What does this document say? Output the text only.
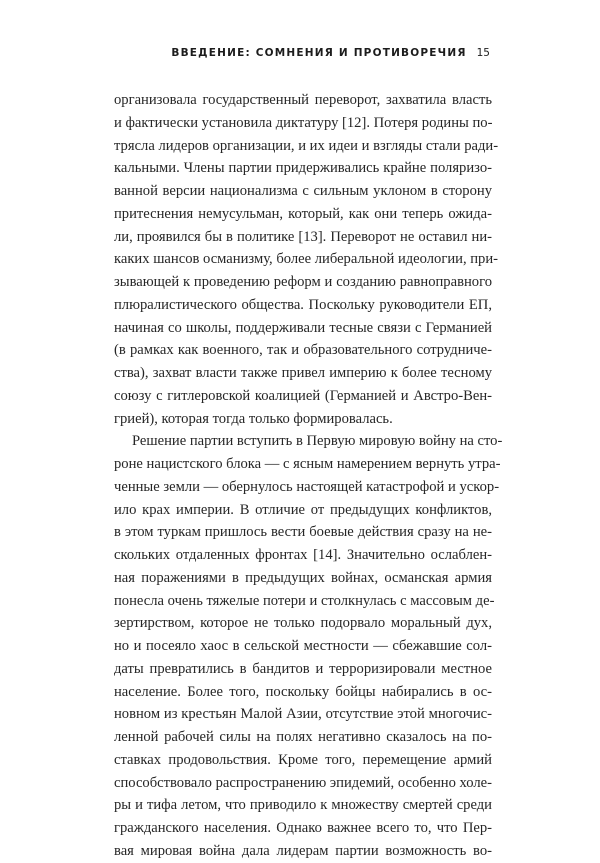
ВВЕДЕНИЕ: СОМНЕНИЯ И ПРОТИВОРЕЧИЯ 15
организовала государственный переворот, захватила власть
и фактически установила диктатуру [12]. Потеря родины по-
трясла лидеров организации, и их идеи и взгляды стали ради-
кальными. Члены партии придерживались крайне поляризо-
ванной версии национализма с сильным уклоном в сторону
притеснения немусульман, который, как они теперь ожида-
ли, проявился бы в политике [13]. Переворот не оставил ни-
каких шансов османизму, более либеральной идеологии, при-
зывающей к проведению реформ и созданию равноправного
плюралистического общества. Поскольку руководители ЕП,
начиная со школы, поддерживали тесные связи с Германией
(в рамках как военного, так и образовательного сотрудниче-
ства), захват власти также привел империю к более тесному
союзу с гитлеровской коалицией (Германией и Австро-Вен-
грией), которая тогда только формировалась.
Решение партии вступить в Первую мировую войну на сто-
роне нацистского блока — с ясным намерением вернуть утра-
ченные земли — обернулось настоящей катастрофой и ускор-
ило крах империи. В отличие от предыдущих конфликтов,
в этом туркам пришлось вести боевые действия сразу на не-
скольких отдаленных фронтах [14]. Значительно ослаблен-
ная поражениями в предыдущих войнах, османская армия
понесла очень тяжелые потери и столкнулась с массовым де-
зертирством, которое не только подорвало моральный дух,
но и посеяло хаос в сельской местности — сбежавшие сол-
даты превратились в бандитов и терроризировали местное
население. Более того, поскольку бойцы набирались в ос-
новном из крестьян Малой Азии, отсутствие этой многочис-
ленной рабочей силы на полях негативно сказалось на по-
ставках продовольствия. Кроме того, перемещение армий
способствовало распространению эпидемий, особенно холе-
ры и тифа летом, что приводило к множеству смертей среди
гражданского населения. Однако важнее всего то, что Пер-
вая мировая война дала лидерам партии возможность во-
